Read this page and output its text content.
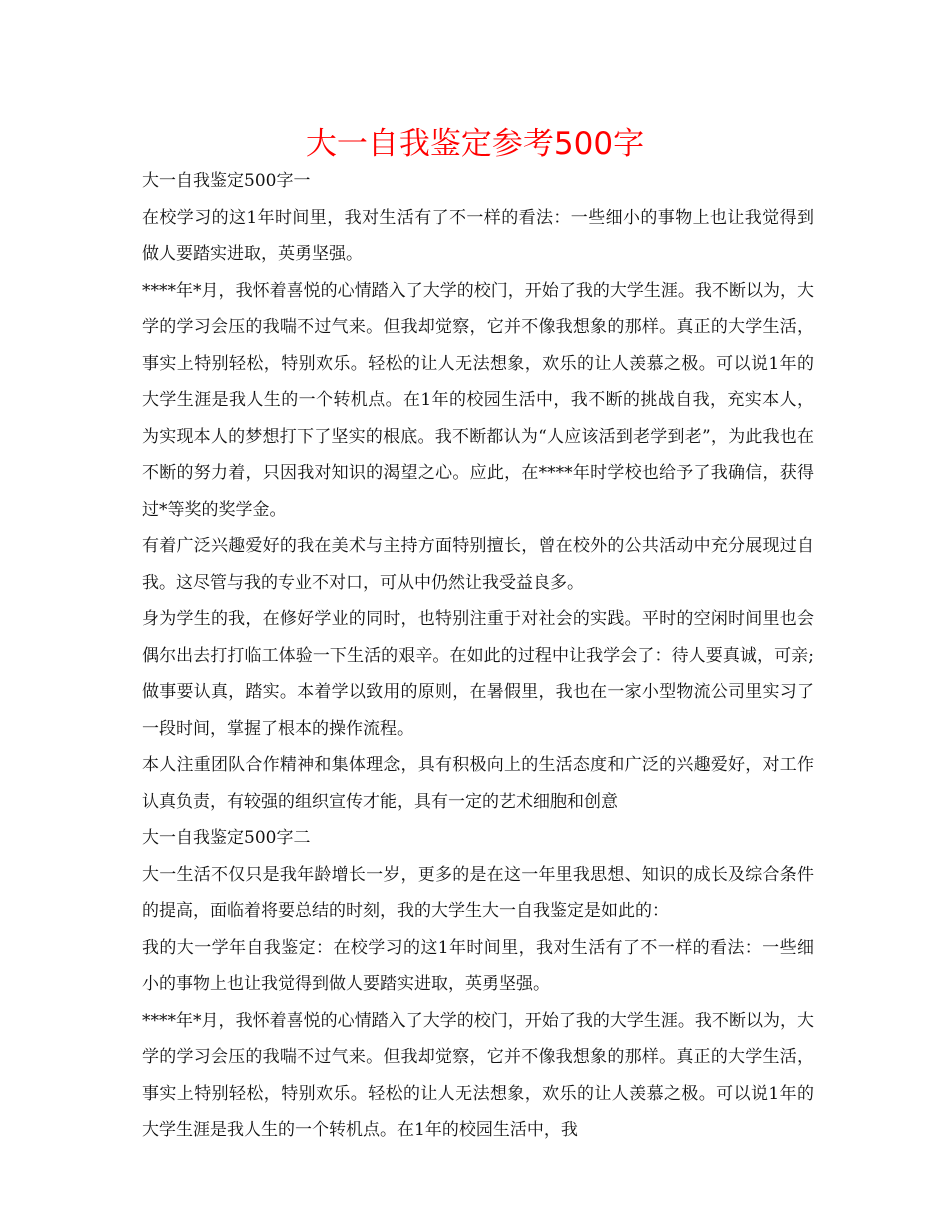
大一自我鉴定参考500字

大一自我鉴定500字一

在校学习的这1年时间里，我对生活有了不一样的看法：一些细小的事物上也让我觉得到做人要踏实进取，英勇坚强。

****年*月，我怀着喜悦的心情踏入了大学的校门，开始了我的大学生涯。我不断以为，大学的学习会压的我喘不过气来。但我却觉察，它并不像我想象的那样。真正的大学生活，事实上特别轻松，特别欢乐。轻松的让人无法想象，欢乐的让人羡慕之极。可以说1年的大学生涯是我人生的一个转机点。在1年的校园生活中，我不断的挑战自我，充实本人，为实现本人的梦想打下了坚实的根底。我不断都认为“人应该活到老学到老”，为此我也在不断的努力着，只因我对知识的渴望之心。应此，在****年时学校也给予了我确信，获得过*等奖的奖学金。

有着广泛兴趣爱好的我在美术与主持方面特别擅长，曾在校外的公共活动中充分展现过自我。这尽管与我的专业不对口，可从中仍然让我受益良多。

身为学生的我，在修好学业的同时，也特别注重于对社会的实践。平时的空闲时间里也会偶尔出去打打临工体验一下生活的艰辛。在如此的过程中让我学会了：待人要真诚，可亲;做事要认真，踏实。本着学以致用的原则，在暑假里，我也在一家小型物流公司里实习了一段时间，掌握了根本的操作流程。

本人注重团队合作精神和集体理念，具有积极向上的生活态度和广泛的兴趣爱好，对工作认真负责，有较强的组织宣传才能，具有一定的艺术细胞和创意

大一自我鉴定500字二

大一生活不仅只是我年龄增长一岁，更多的是在这一年里我思想、知识的成长及综合条件的提高，面临着将要总结的时刻，我的大学生大一自我鉴定是如此的：

我的大一学年自我鉴定：在校学习的这1年时间里，我对生活有了不一样的看法：一些细小的事物上也让我觉得到做人要踏实进取，英勇坚强。

****年*月，我怀着喜悦的心情踏入了大学的校门，开始了我的大学生涯。我不断以为，大学的学习会压的我喘不过气来。但我却觉察，它并不像我想象的那样。真正的大学生活，事实上特别轻松，特别欢乐。轻松的让人无法想象，欢乐的让人羡慕之极。可以说1年的大学生涯是我人生的一个转机点。在1年的校园生活中，我
